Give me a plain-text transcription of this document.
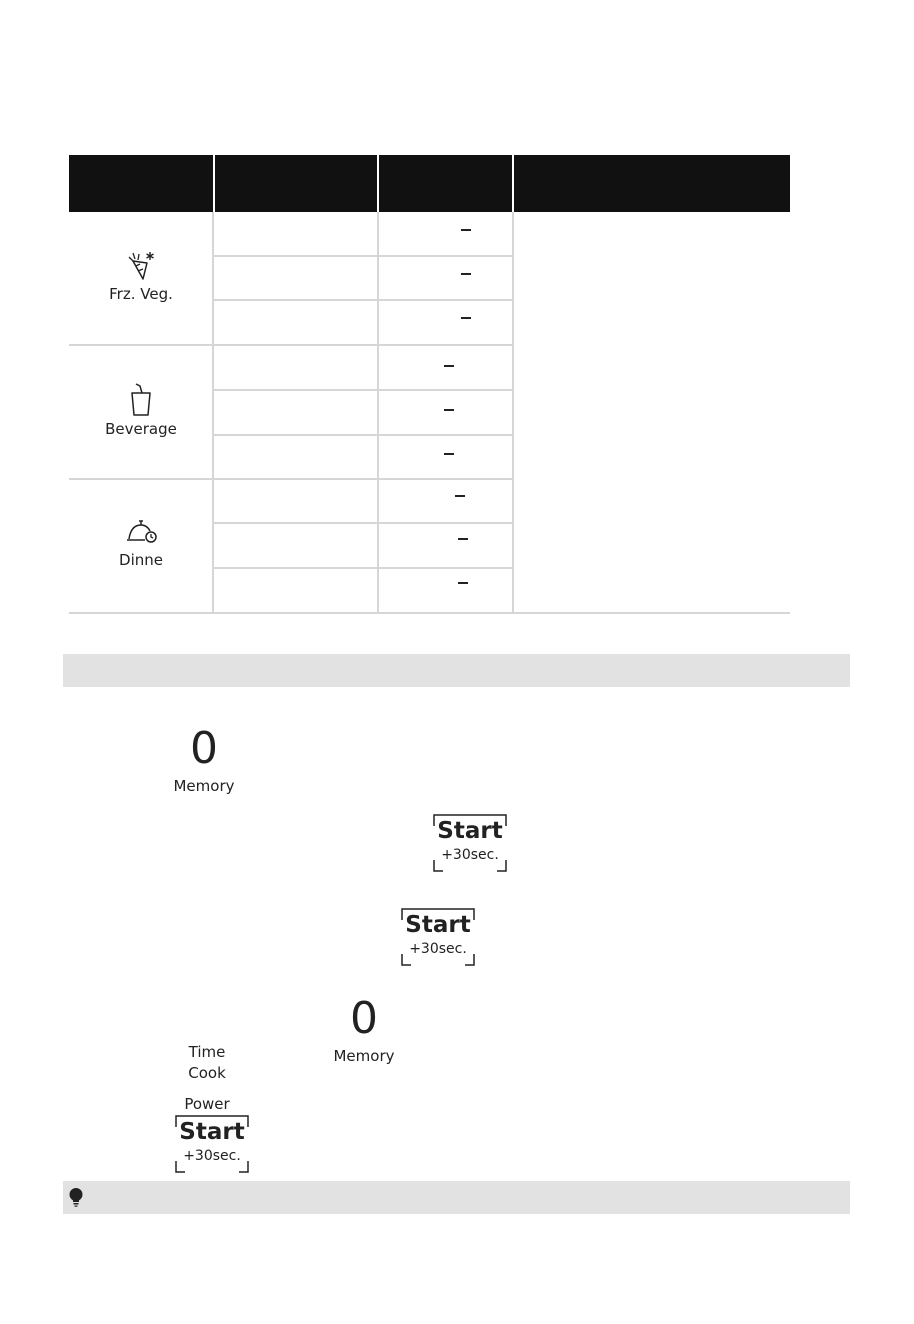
Frz. Veg.
Beverage
Dinne
0
Memory
Start
+30sec.
Start
+30sec.
Time
Cook
0
Memory
Power
Start
+30sec.
